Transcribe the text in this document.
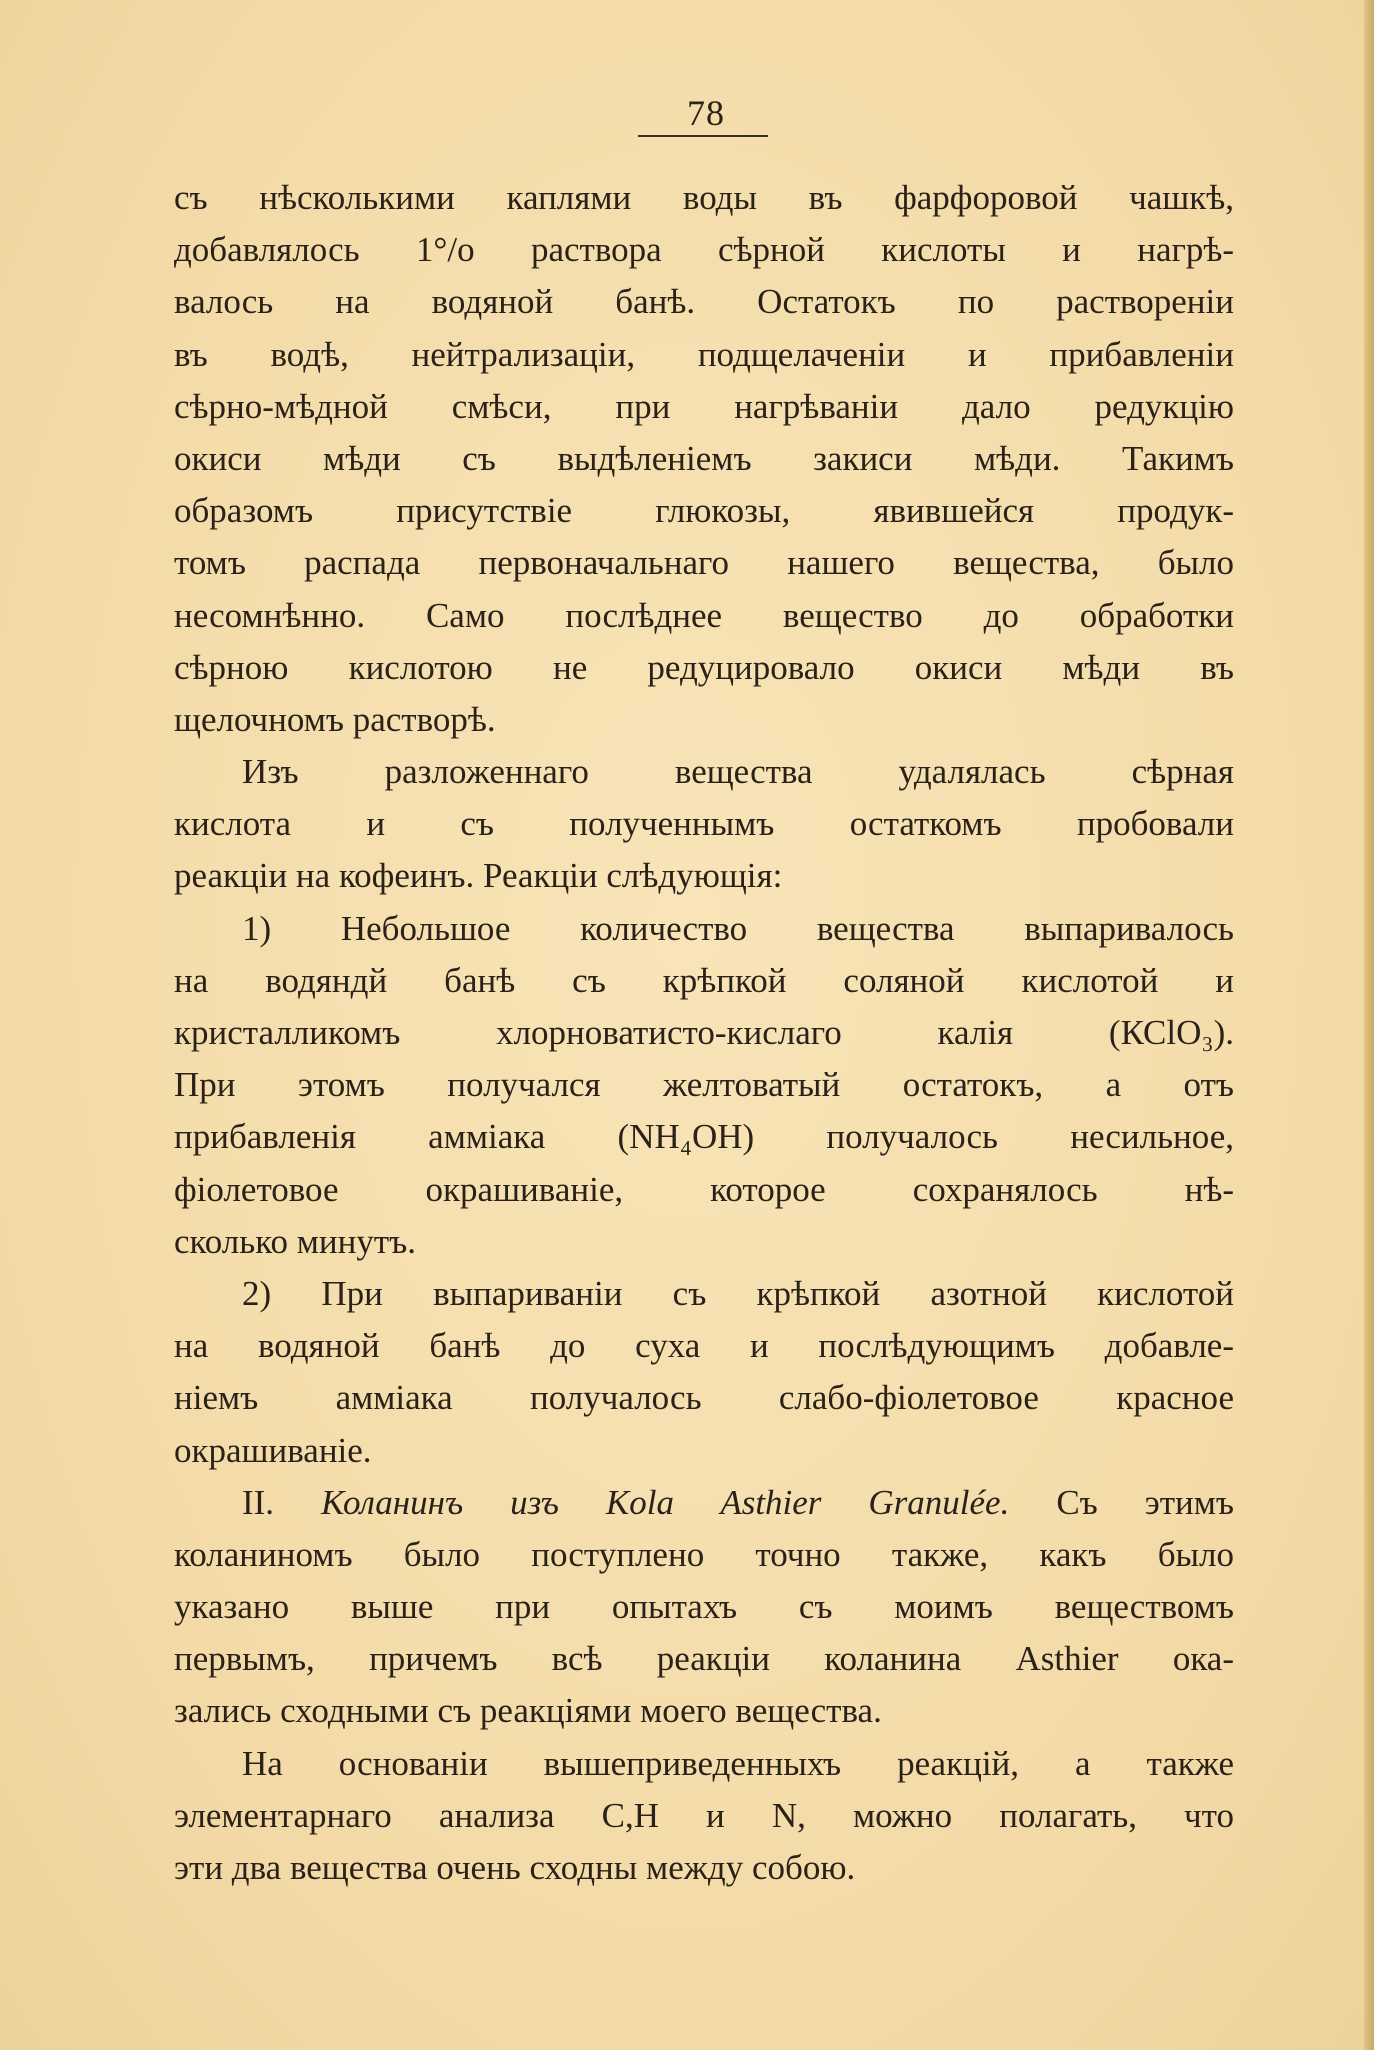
78
съ нѣсколькими каплями воды въ фарфоровой чашкѣ,
добавлялось 1°/о раствора сѣрной кислоты и нагрѣ-
валось на водяной банѣ. Остатокъ по раствореніи
въ водѣ, нейтрализаціи, подщелаченіи и прибавленіи
сѣрно-мѣдной смѣси, при нагрѣваніи дало редукцію
окиси мѣди съ выдѣленіемъ закиси мѣди. Такимъ
образомъ присутствіе глюкозы, явившейся продук-
томъ распада первоначальнаго нашего вещества, было
несомнѣнно. Само послѣднее вещество до обработки
сѣрною кислотою не редуцировало окиси мѣди въ
щелочномъ растворѣ.
Изъ разложеннаго вещества удалялась сѣрная
кислота и съ полученнымъ остаткомъ пробовали
реакціи на кофеинъ. Реакціи слѣдующія:
1) Небольшое количество вещества выпаривалось
на водяндй банѣ съ крѣпкой соляной кислотой и
кристалликомъ хлорноватисто-кислаго калія (КСlO₃).
При этомъ получался желтоватый остатокъ, а отъ
прибавленія амміака (NH₄OH) получалось несильное,
фіолетовое окрашиваніе, которое сохранялось нѣ-
сколько минутъ.
2) При выпариваніи съ крѣпкой азотной кислотой
на водяной банѣ до суха и послѣдующимъ добавле-
ніемъ амміака получалось слабо-фіолетовое красное
окрашиваніе.
II. Коланинъ изъ Kola Asthier Granulée. Съ этимъ
коланиномъ было поступлено точно также, какъ было
указано выше при опытахъ съ моимъ веществомъ
первымъ, причемъ всѣ реакціи коланина Asthier ока-
зались сходными съ реакціями моего вещества.
На основаніи вышеприведенныхъ реакцій, а также
элементарнаго анализа C,H и N, можно полагать, что
эти два вещества очень сходны между собою.
